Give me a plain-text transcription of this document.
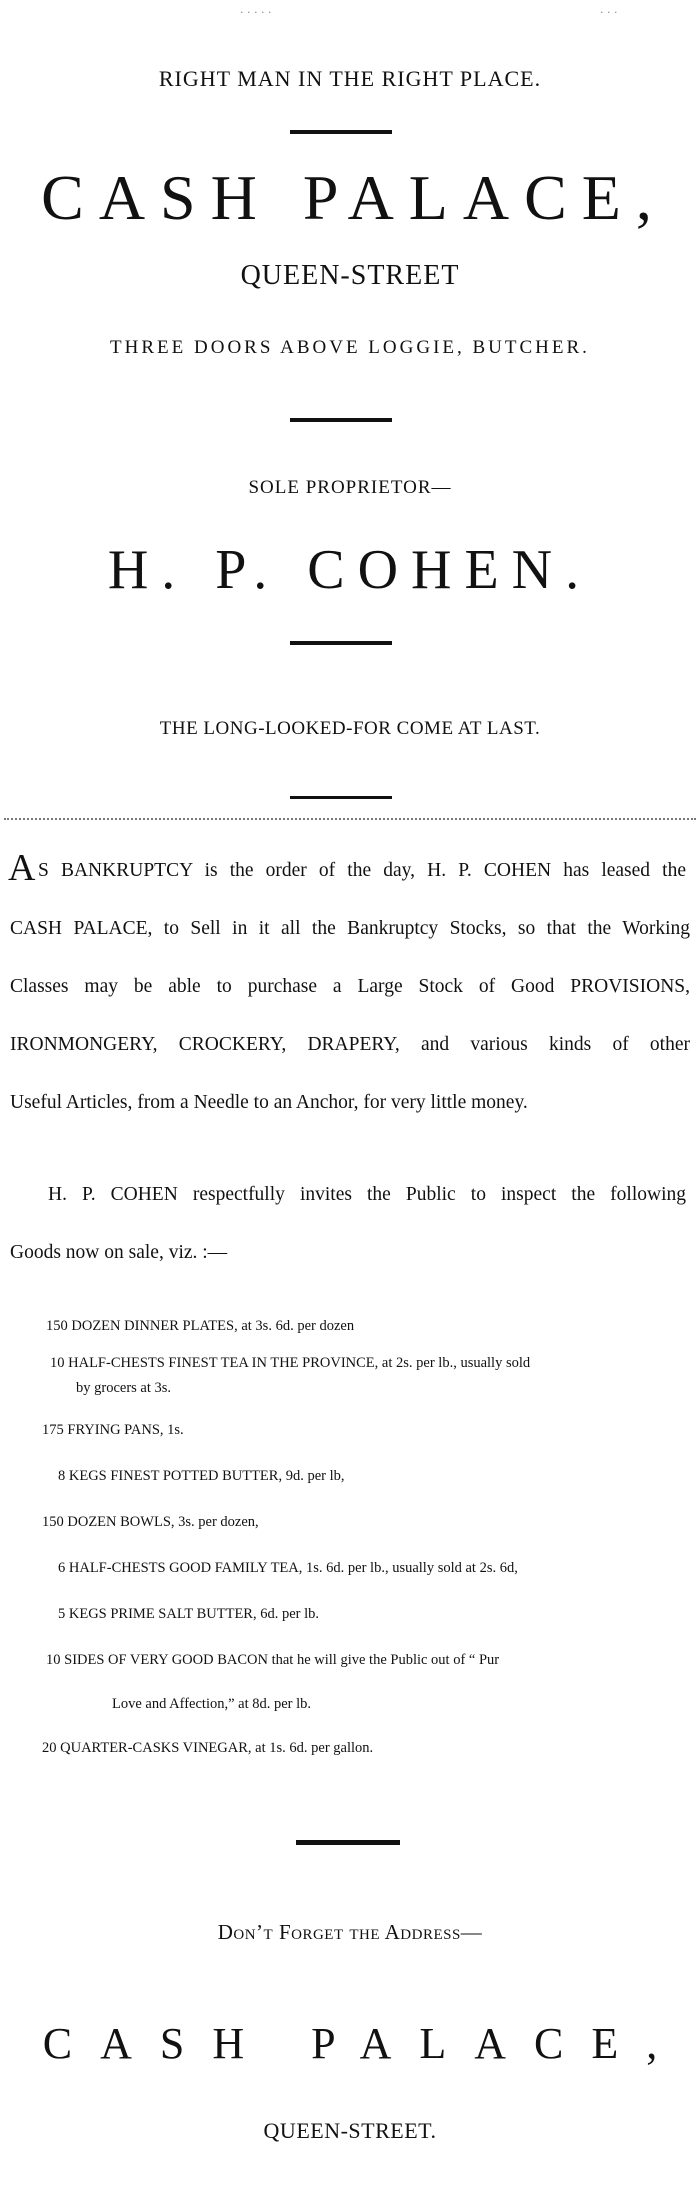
· · · · ·	· · ·
RIGHT MAN IN THE RIGHT PLACE.
CASH PALACE,
QUEEN-STREET
THREE DOORS ABOVE LOGGIE, BUTCHER.
SOLE PROPRIETOR—
H. P. COHEN.
THE LONG-LOOKED-FOR COME AT LAST.
A S BANKRUPTCY is the order of the day, H. P. COHEN has leased the
CASH PALACE, to Sell in it all the Bankruptcy Stocks, so that the Working
Classes may be able to purchase a Large Stock of Good PROVISIONS,
IRONMONGERY, CROCKERY, DRAPERY, and various kinds of other
Useful Articles, from a Needle to an Anchor, for very little money.
H. P. COHEN respectfully invites the Public to inspect the following
Goods now on sale, viz. :—
150 DOZEN DINNER PLATES, at 3s. 6d. per dozen
10 HALF-CHESTS FINEST TEA IN THE PROVINCE, at 2s. per lb., usually sold
by grocers at 3s.
175 FRYING PANS, 1s.
8 KEGS FINEST POTTED BUTTER, 9d. per lb,
150 DOZEN BOWLS, 3s. per dozen,
6 HALF-CHESTS GOOD FAMILY TEA, 1s. 6d. per lb., usually sold at 2s. 6d,
5 KEGS PRIME SALT BUTTER, 6d. per lb.
10 SIDES OF VERY GOOD BACON that he will give the Public out of “ Pur
Love and Affection,” at 8d. per lb.
20 QUARTER-CASKS VINEGAR, at 1s. 6d. per gallon.
Don’t Forget the Address—
CASH PALACE,
QUEEN-STREET.
